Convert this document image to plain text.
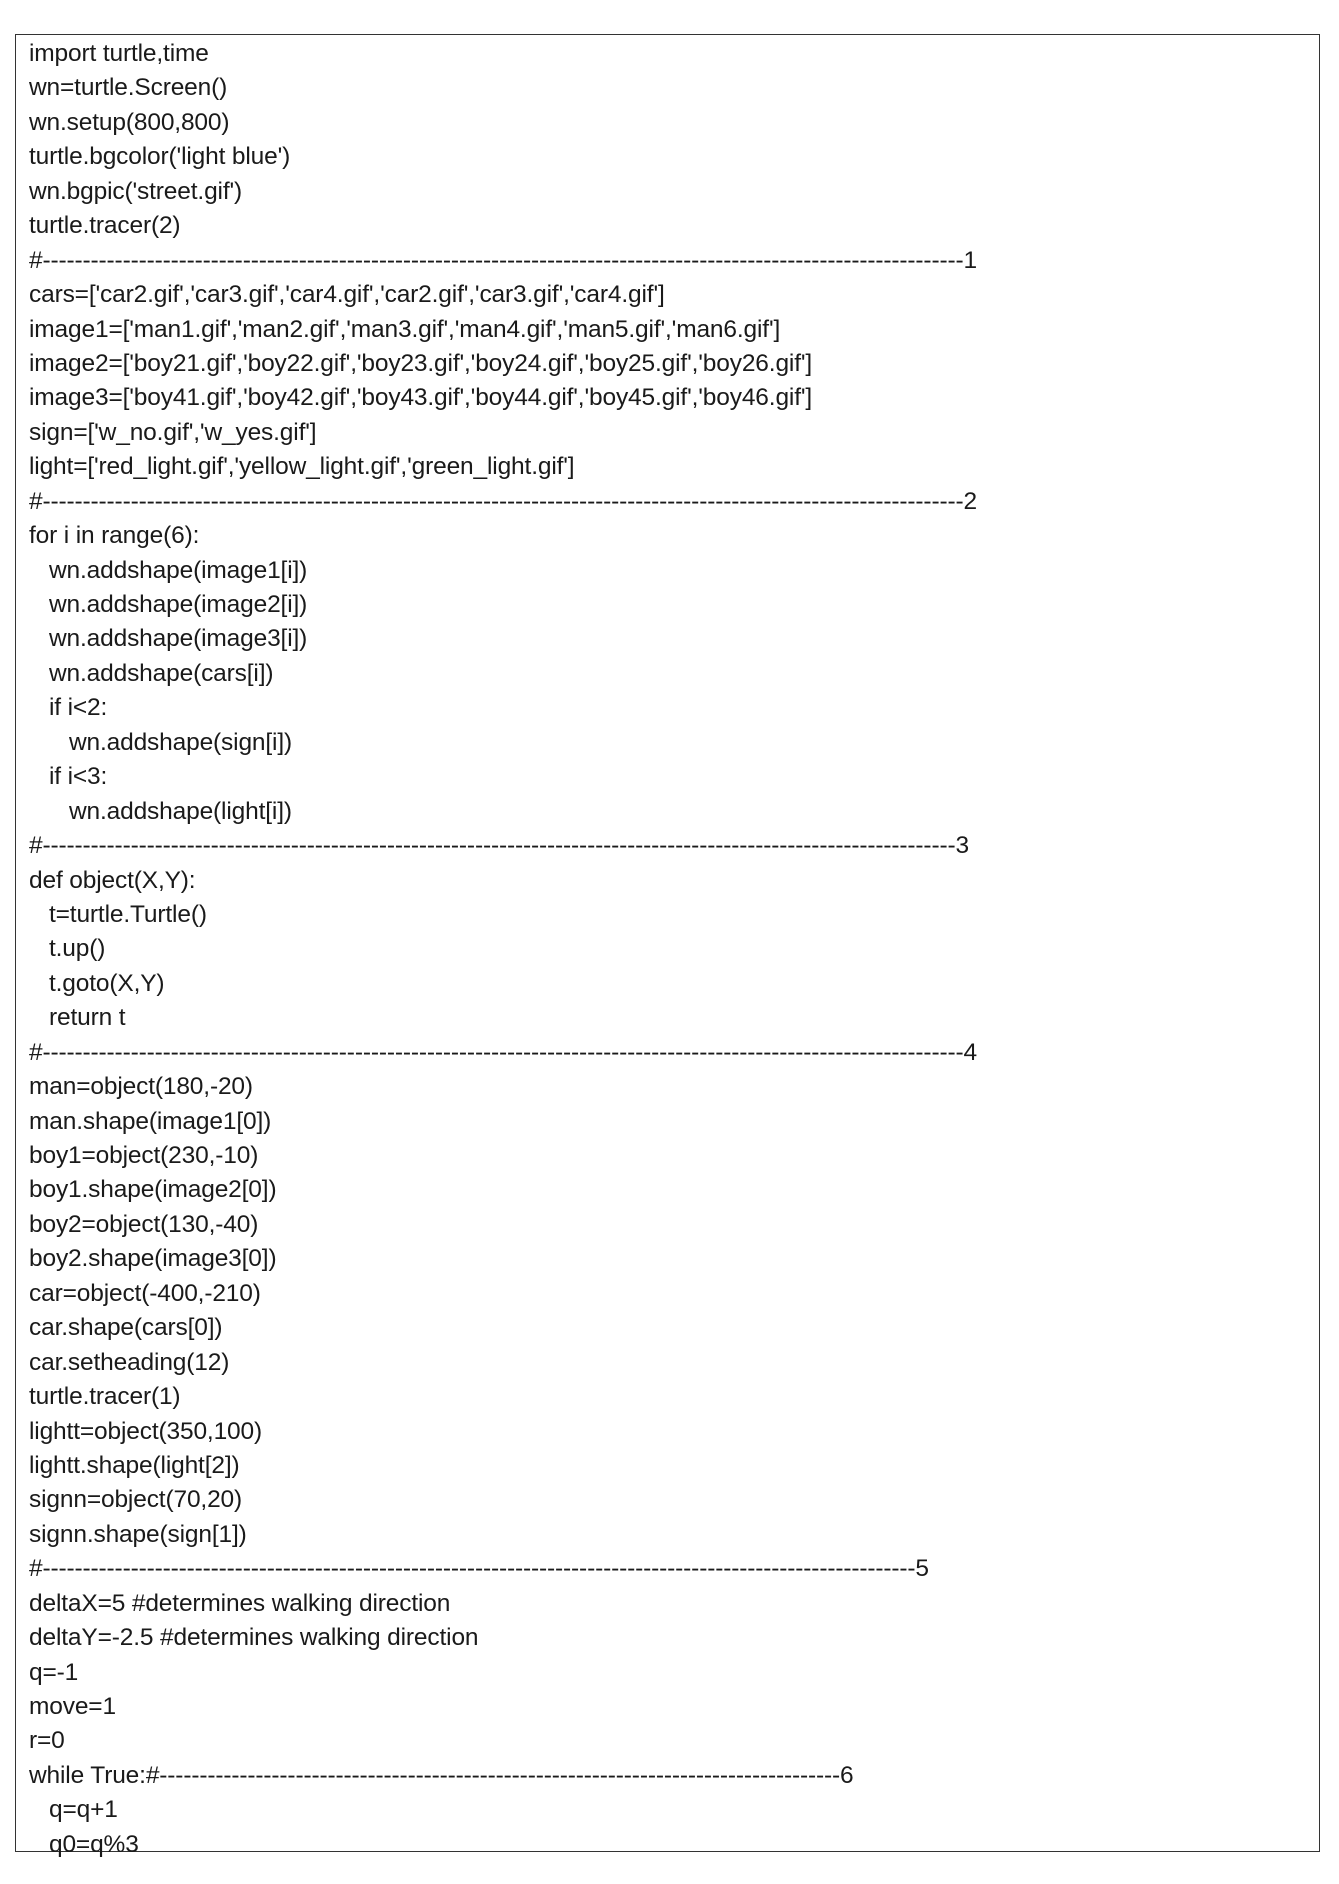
import turtle,time
wn=turtle.Screen()
wn.setup(800,800)
turtle.bgcolor('light blue')
wn.bgpic('street.gif')
turtle.tracer(2)
#-------------------------------------------------------------------------------------------------------------------1
cars=['car2.gif','car3.gif','car4.gif','car2.gif','car3.gif','car4.gif']
image1=['man1.gif','man2.gif','man3.gif','man4.gif','man5.gif','man6.gif']
image2=['boy21.gif','boy22.gif','boy23.gif','boy24.gif','boy25.gif','boy26.gif']
image3=['boy41.gif','boy42.gif','boy43.gif','boy44.gif','boy45.gif','boy46.gif']
sign=['w_no.gif','w_yes.gif']
light=['red_light.gif','yellow_light.gif','green_light.gif']
#-------------------------------------------------------------------------------------------------------------------2
for i in range(6):
wn.addshape(image1[i])
wn.addshape(image2[i])
wn.addshape(image3[i])
wn.addshape(cars[i])
if i<2:
wn.addshape(sign[i])
if i<3:
wn.addshape(light[i])
#------------------------------------------------------------------------------------------------------------------3
def object(X,Y):
t=turtle.Turtle()
t.up()
t.goto(X,Y)
return t
#-------------------------------------------------------------------------------------------------------------------4
man=object(180,-20)
man.shape(image1[0])
boy1=object(230,-10)
boy1.shape(image2[0])
boy2=object(130,-40)
boy2.shape(image3[0])
car=object(-400,-210)
car.shape(cars[0])
car.setheading(12)
turtle.tracer(1)
lightt=object(350,100)
lightt.shape(light[2])
signn=object(70,20)
signn.shape(sign[1])
#-------------------------------------------------------------------------------------------------------------5
deltaX=5 #determines walking direction
deltaY=-2.5 #determines walking direction
q=-1
move=1
r=0
while True:#-------------------------------------------------------------------------------------6
q=q+1
q0=q%3
